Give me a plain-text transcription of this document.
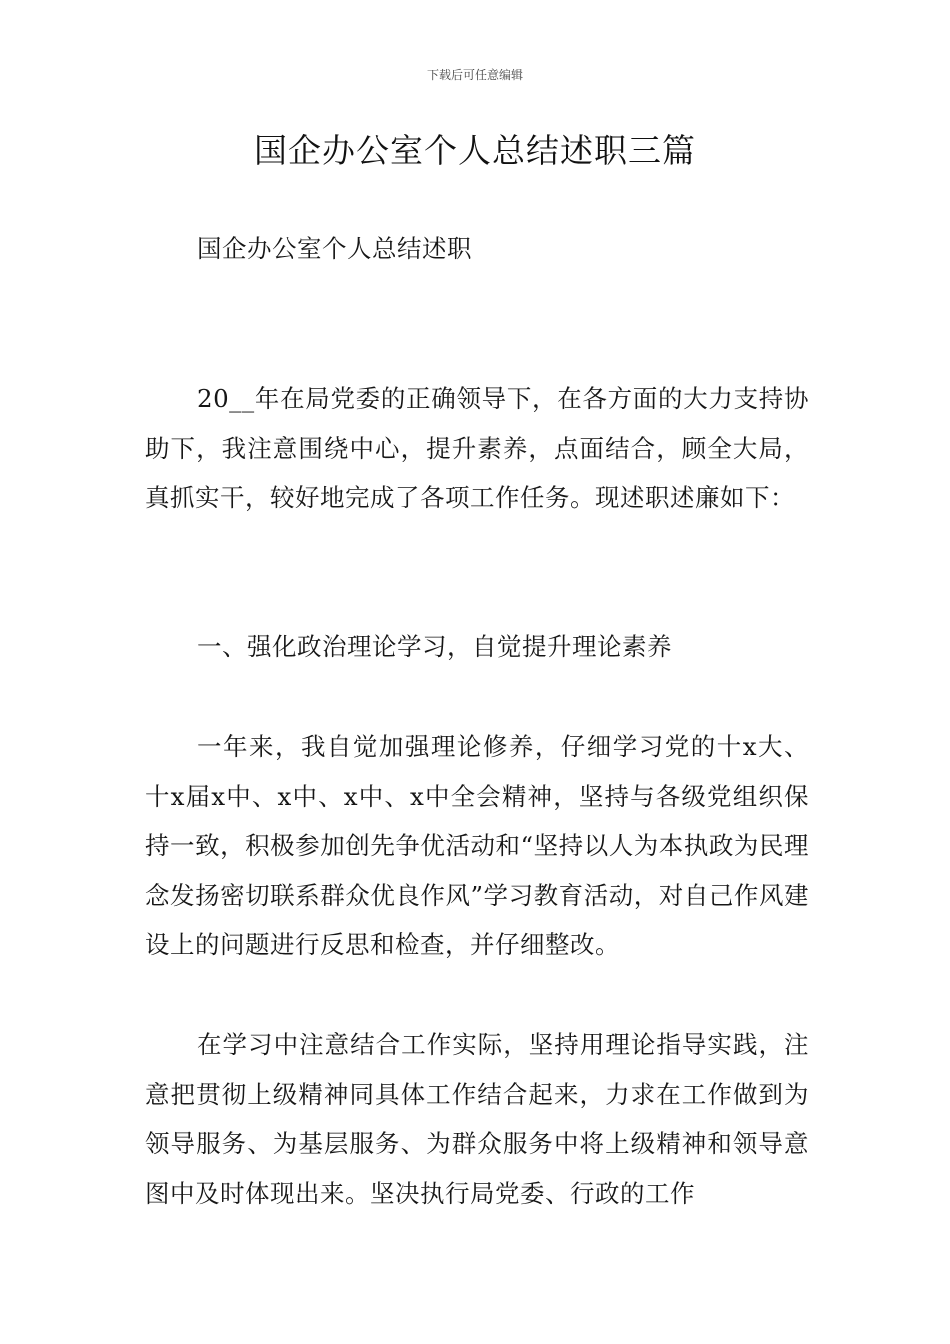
下载后可任意编辑
国企办公室个人总结述职三篇

国企办公室个人总结述职

20__年在局党委的正确领导下，在各方面的大力支持协助下，我注意围绕中心，提升素养，点面结合，顾全大局，真抓实干，较好地完成了各项工作任务。现述职述廉如下：

一、强化政治理论学习，自觉提升理论素养

一年来，我自觉加强理论修养，仔细学习党的十x大、十x届x中、x中、x中、x中全会精神，坚持与各级党组织保持一致，积极参加创先争优活动和“坚持以人为本执政为民理念发扬密切联系群众优良作风”学习教育活动，对自己作风建设上的问题进行反思和检查，并仔细整改。

在学习中注意结合工作实际，坚持用理论指导实践，注意把贯彻上级精神同具体工作结合起来，力求在工作做到为领导服务、为基层服务、为群众服务中将上级精神和领导意图中及时体现出来。坚决执行局党委、行政的工作
